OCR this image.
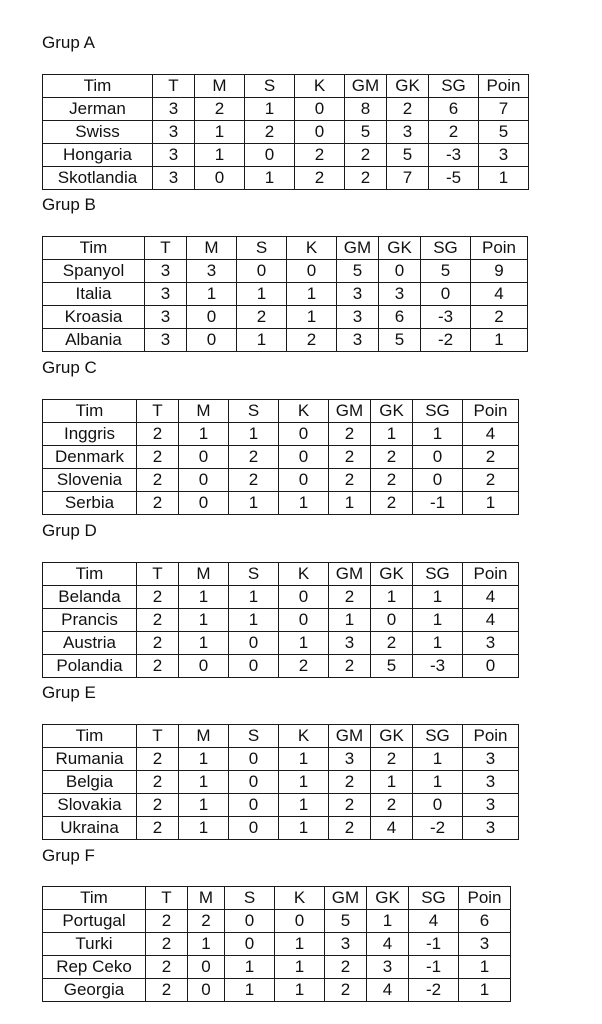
Grup A
Tim	T	M	S	K	GM	GK	SG	Poin
Jerman	3	2	1	0	8	2	6	7
Swiss	3	1	2	0	5	3	2	5
Hongaria	3	1	0	2	2	5	-3	3
Skotlandia	3	0	1	2	2	7	-5	1
Grup B
Tim	T	M	S	K	GM	GK	SG	Poin
Spanyol	3	3	0	0	5	0	5	9
Italia	3	1	1	1	3	3	0	4
Kroasia	3	0	2	1	3	6	-3	2
Albania	3	0	1	2	3	5	-2	1
Grup C
Tim	T	M	S	K	GM	GK	SG	Poin
Inggris	2	1	1	0	2	1	1	4
Denmark	2	0	2	0	2	2	0	2
Slovenia	2	0	2	0	2	2	0	2
Serbia	2	0	1	1	1	2	-1	1
Grup D
Tim	T	M	S	K	GM	GK	SG	Poin
Belanda	2	1	1	0	2	1	1	4
Prancis	2	1	1	0	1	0	1	4
Austria	2	1	0	1	3	2	1	3
Polandia	2	0	0	2	2	5	-3	0
Grup E
Tim	T	M	S	K	GM	GK	SG	Poin
Rumania	2	1	0	1	3	2	1	3
Belgia	2	1	0	1	2	1	1	3
Slovakia	2	1	0	1	2	2	0	3
Ukraina	2	1	0	1	2	4	-2	3
Grup F
Tim	T	M	S	K	GM	GK	SG	Poin
Portugal	2	2	0	0	5	1	4	6
Turki	2	1	0	1	3	4	-1	3
Rep Ceko	2	0	1	1	2	3	-1	1
Georgia	2	0	1	1	2	4	-2	1
